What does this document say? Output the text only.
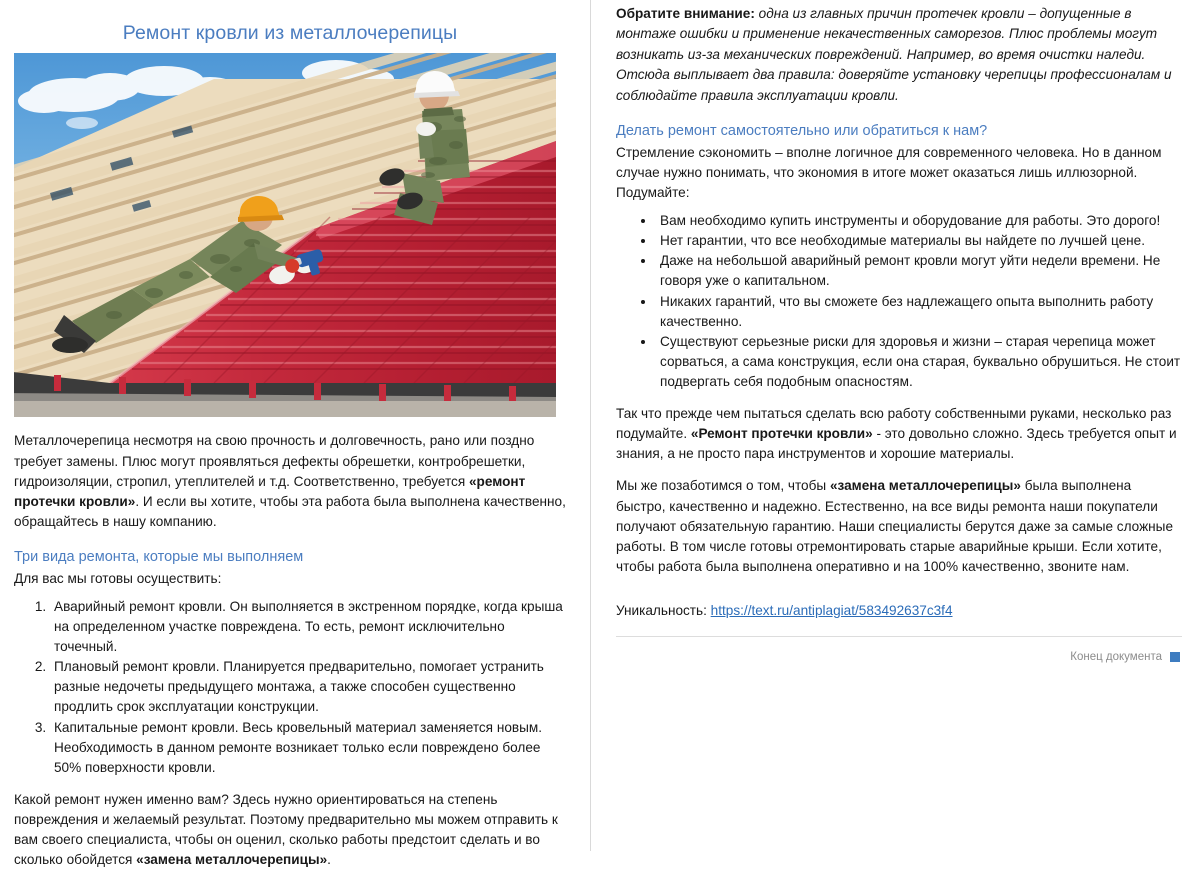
Ремонт кровли из металлочерепицы

Металлочерепица несмотря на свою прочность и долговечность, рано или поздно требует замены. Плюс могут проявляться дефекты обрешетки, контробрешетки, гидроизоляции, стропил, утеплителей и т.д. Соответственно, требуется «ремонт протечки кровли». И если вы хотите, чтобы эта работа была выполнена качественно, обращайтесь в нашу компанию.

Три вида ремонта, которые мы выполняем

Для вас мы готовы осуществить:

1. Аварийный ремонт кровли. Он выполняется в экстренном порядке, когда крыша на определенном участке повреждена. То есть, ремонт исключительно точечный.
2. Плановый ремонт кровли. Планируется предварительно, помогает устранить разные недочеты предыдущего монтажа, а также способен существенно продлить срок эксплуатации конструкции.
3. Капитальные ремонт кровли. Весь кровельный материал заменяется новым. Необходимость в данном ремонте возникает только если повреждено более 50% поверхности кровли.

Какой ремонт нужен именно вам? Здесь нужно ориентироваться на степень повреждения и желаемый результат. Поэтому предварительно мы можем отправить к вам своего специалиста, чтобы он оценил, сколько работы предстоит сделать и во сколько обойдется «замена металлочерепицы».

Обратите внимание: одна из главных причин протечек кровли – допущенные в монтаже ошибки и применение некачественных саморезов. Плюс проблемы могут возникать из-за механических повреждений. Например, во время очистки наледи. Отсюда выплывает два правила: доверяйте установку черепицы профессионалам и соблюдайте правила эксплуатации кровли.

Делать ремонт самостоятельно или обратиться к нам?

Стремление сэкономить – вполне логичное для современного человека. Но в данном случае нужно понимать, что экономия в итоге может оказаться лишь иллюзорной. Подумайте:

• Вам необходимо купить инструменты и оборудование для работы. Это дорого!
• Нет гарантии, что все необходимые материалы вы найдете по лучшей цене.
• Даже на небольшой аварийный ремонт кровли могут уйти недели времени. Не говоря уже о капитальном.
• Никаких гарантий, что вы сможете без надлежащего опыта выполнить работу качественно.
• Существуют серьезные риски для здоровья и жизни – старая черепица может сорваться, а сама конструкция, если она старая, буквально обрушиться. Не стоит подвергать себя подобным опасностям.

Так что прежде чем пытаться сделать всю работу собственными руками, несколько раз подумайте. «Ремонт протечки кровли» - это довольно сложно. Здесь требуется опыт и знания, а не просто пара инструментов и хорошие материалы.

Мы же позаботимся о том, чтобы «замена металлочерепицы» была выполнена быстро, качественно и надежно. Естественно, на все виды ремонта наши покупатели получают обязательную гарантию. Наши специалисты берутся даже за самые сложные работы. В том числе готовы отремонтировать старые аварийные крыши. Если хотите, чтобы работа была выполнена оперативно и на 100% качественно, звоните нам.

Уникальность: https://text.ru/antiplagiat/583492637c3f4

Конец документа
